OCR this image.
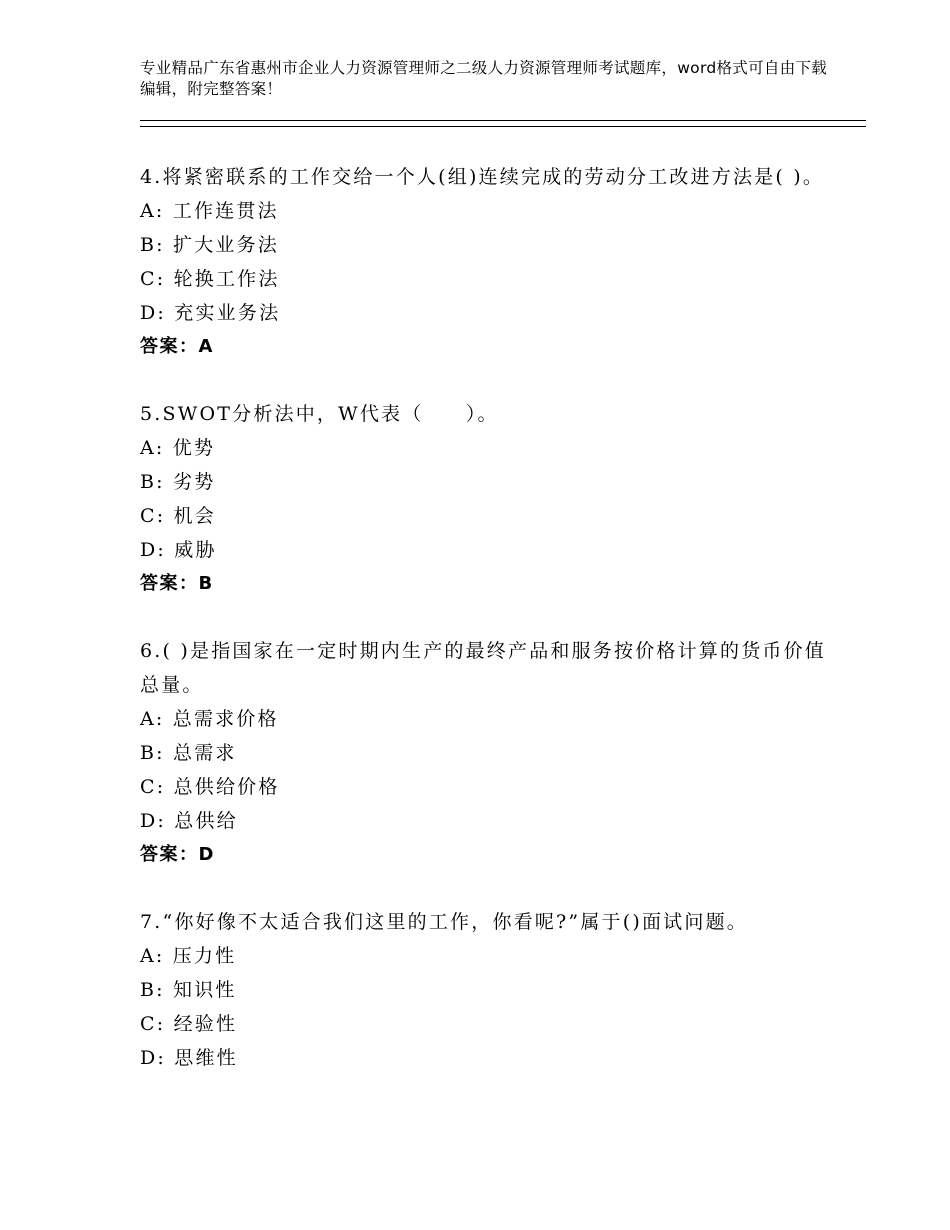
专业精品广东省惠州市企业人力资源管理师之二级人力资源管理师考试题库，word格式可自由下载编辑，附完整答案！
4.将紧密联系的工作交给一个人(组)连续完成的劳动分工改进方法是( )。
A: 工作连贯法
B: 扩大业务法
C: 轮换工作法
D: 充实业务法
答案：A
5.SWOT分析法中，W代表（　　）。
A: 优势
B: 劣势
C: 机会
D: 威胁
答案：B
6.( )是指国家在一定时期内生产的最终产品和服务按价格计算的货币价值总量。
A: 总需求价格
B: 总需求
C: 总供给价格
D: 总供给
答案：D
7.“你好像不太适合我们这里的工作，你看呢?”属于()面试问题。
A: 压力性
B: 知识性
C: 经验性
D: 思维性
